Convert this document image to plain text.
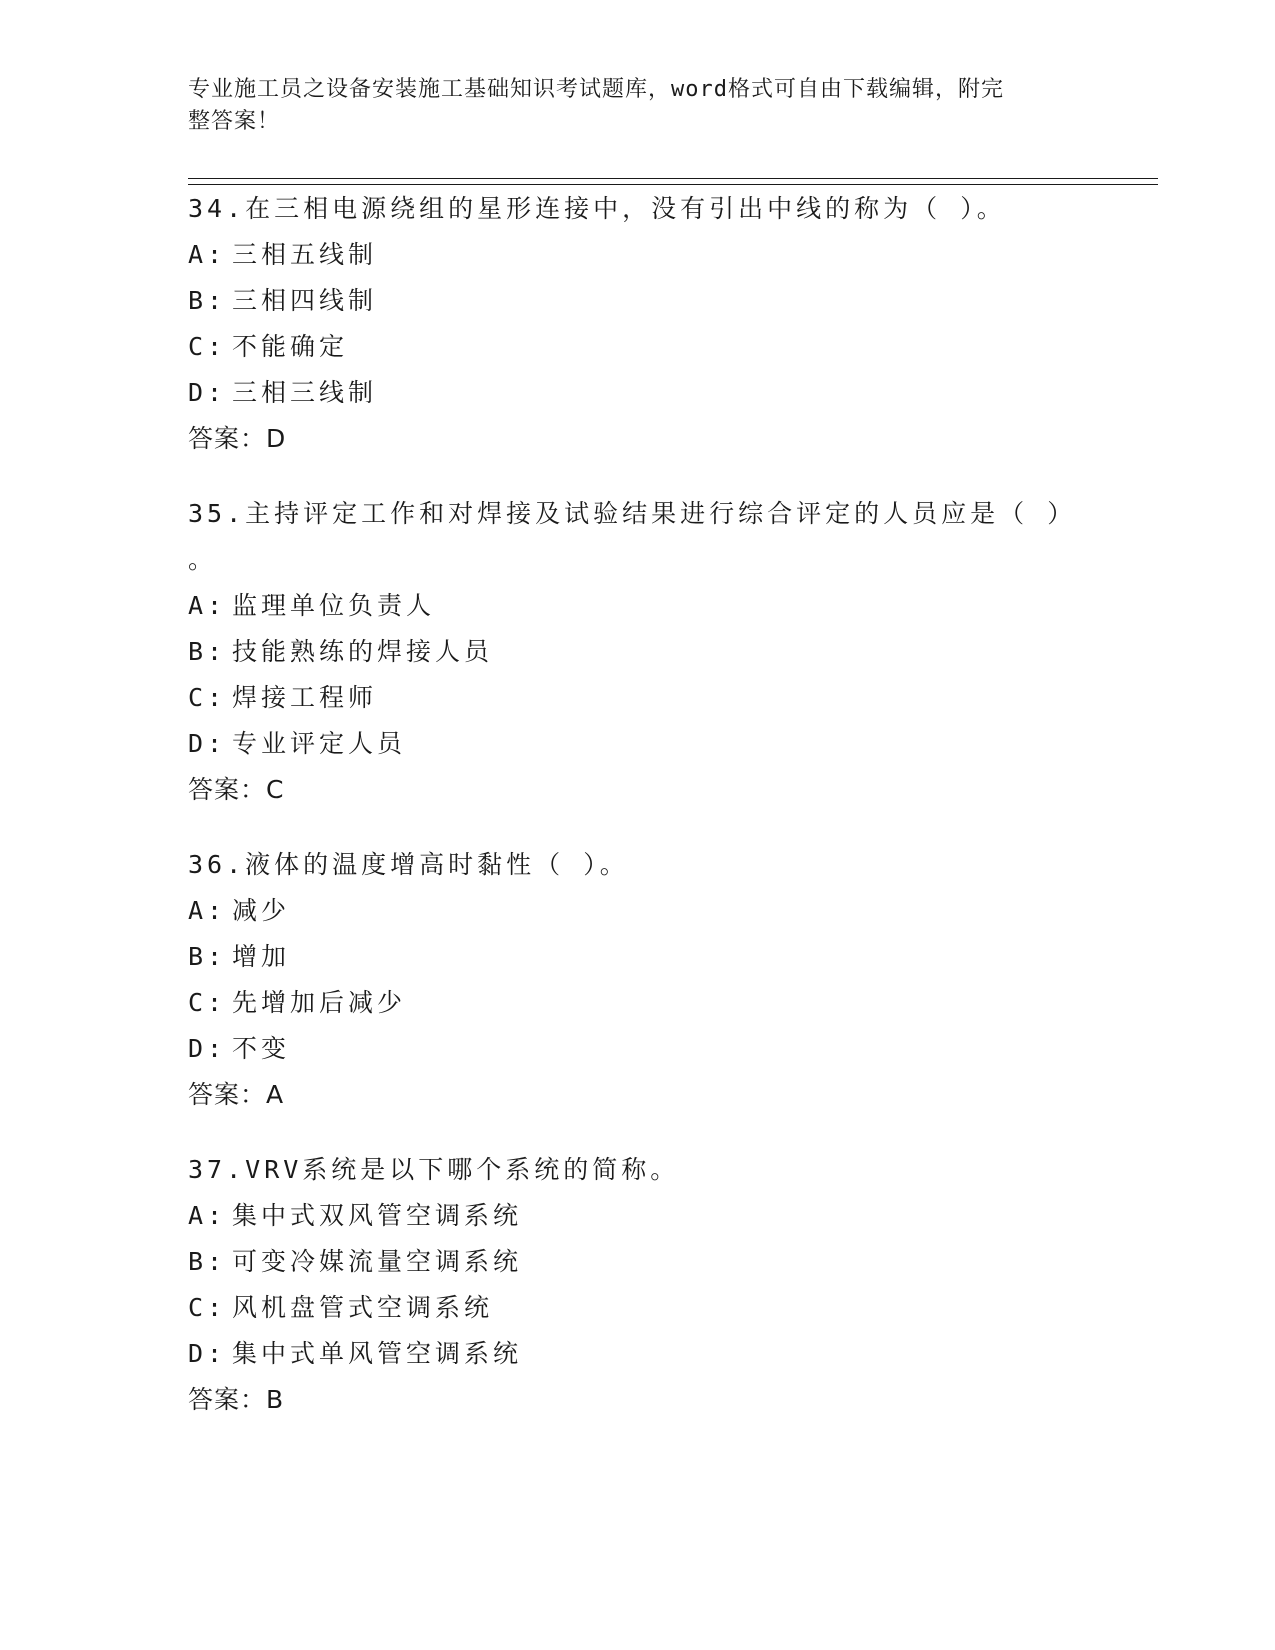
专业施工员之设备安装施工基础知识考试题库，word格式可自由下载编辑，附完
整答案！

34.在三相电源绕组的星形连接中，没有引出中线的称为（ ）。

A: 三相五线制
B: 三相四线制
C: 不能确定
D: 三相三线制

答案：D

35.主持评定工作和对焊接及试验结果进行综合评定的人员应是（ ）

。

A: 监理单位负责人
B: 技能熟练的焊接人员
C: 焊接工程师
D: 专业评定人员

答案：C

36.液体的温度增高时黏性（ ）。

A: 减少
B: 增加
C: 先增加后减少
D: 不变

答案：A

37.VRV系统是以下哪个系统的简称。

A: 集中式双风管空调系统
B: 可变冷媒流量空调系统
C: 风机盘管式空调系统
D: 集中式单风管空调系统

答案：B
